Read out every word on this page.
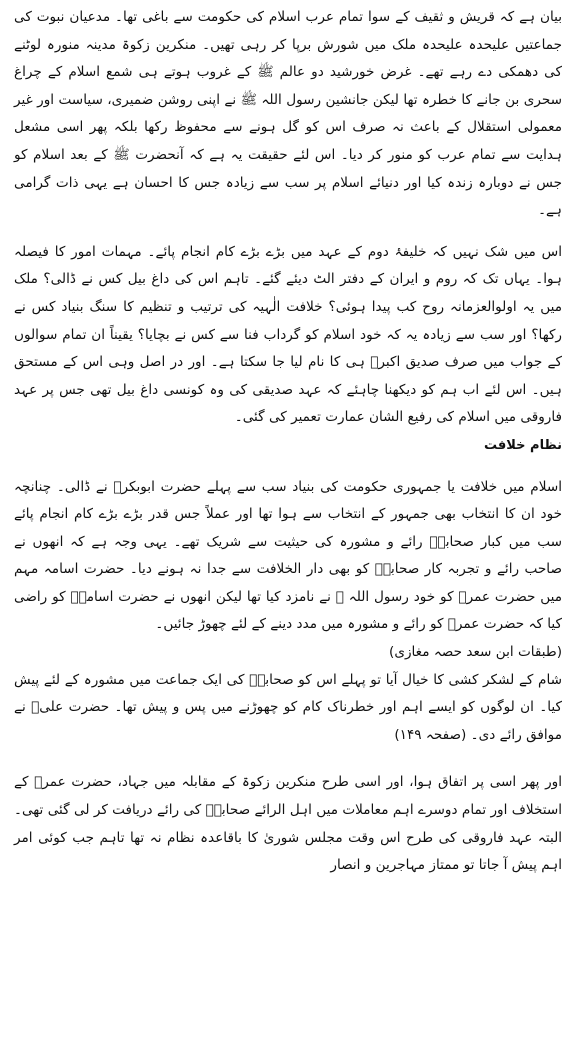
بیان ہے کہ قریش و ثقیف کے سوا تمام عرب اسلام کی حکومت سے باغی تھا۔ مدعیان نبوت کی جماعتیں علیحدہ علیحدہ ملک میں شورش برپا کر رہی تھیں۔ منکرین زکوۃ مدینہ منورہ لوٹنے کی دھمکی دے رہے تھے۔ غرض خورشید دو عالم ﷺ کے غروب ہوتے ہی شمع اسلام کے چراغ سحری بن جانے کا خطرہ تھا لیکن جانشین رسول اللہ ﷺ نے اپنی روشن ضمیری، سیاست اور غیر معمولی استقلال کے باعث نہ صرف اس کو گل ہونے سے محفوظ رکھا بلکہ پھر اسی مشعل ہدایت سے تمام عرب کو منور کر دیا۔ اس لئے حقیقت یہ ہے کہ آنحضرت ﷺ کے بعد اسلام کو جس نے دوبارہ زندہ کیا اور دنیائے اسلام پر سب سے زیادہ جس کا احسان ہے یہی ذات گرامی ہے۔

اس میں شک نہیں کہ خلیفۂ دوم کے عہد میں بڑے بڑے کام انجام پائے۔ مہمات امور کا فیصلہ ہوا۔ یہاں تک کہ روم و ایران کے دفتر الٹ دیئے گئے۔ تاہم اس کی داغ بیل کس نے ڈالی؟ ملک میں یہ اولوالعزمانہ روح کب پیدا ہوئی؟ خلافت الٰہیہ کی ترتیب و تنظیم کا سنگ بنیاد کس نے رکھا؟ اور سب سے زیادہ یہ کہ خود اسلام کو گرداب فنا سے کس نے بچایا؟ یقیناً ان تمام سوالوں کے جواب میں صرف صدیق اکبرؓ ہی کا نام لیا جا سکتا ہے۔ اور در اصل وہی اس کے مستحق ہیں۔ اس لئے اب ہم کو دیکھنا چاہئے کہ عہد صدیقی کی وہ کونسی داغ بیل تھی جس پر عہد فاروقی میں اسلام کی رفیع الشان عمارت تعمیر کی گئی۔

نظام خلافت

اسلام میں خلافت یا جمہوری حکومت کی بنیاد سب سے پہلے حضرت ابوبکرؓ نے ڈالی۔ چنانچہ خود ان کا انتخاب بھی جمہور کے انتخاب سے ہوا تھا اور عملاً جس قدر بڑے بڑے کام انجام پائے سب میں کبار صحابہؓ رائے و مشورہ کی حیثیت سے شریک تھے۔ یہی وجہ ہے کہ انھوں نے صاحب رائے و تجربہ کار صحابہؓ کو بھی دار الخلافت سے جدا نہ ہونے دیا۔ حضرت اسامہ مہم میں حضرت عمرؓ کو خود رسول اللہ ﷺ نے نامزد کیا تھا لیکن انھوں نے حضرت اسامہؓ کو راضی کیا کہ حضرت عمرؓ کو رائے و مشورہ میں مدد دینے کے لئے چھوڑ جائیں۔

(طبقات ابن سعد حصہ مغازی)

شام کے لشکر کشی کا خیال آیا تو پہلے اس کو صحابہؓ کی ایک جماعت میں مشورہ کے لئے پیش کیا۔ ان لوگوں کو ایسے اہم اور خطرناک کام کو چھوڑنے میں پس و پیش تھا۔ حضرت علیؓ نے موافق رائے دی۔ (صفحہ ۱۴۹)

اور پھر اسی پر اتفاق ہوا، اور اسی طرح منکرین زکوۃ کے مقابلہ میں جہاد، حضرت عمرؓ کے استخلاف اور تمام دوسرے اہم معاملات میں اہل الرائے صحابہؓ کی رائے دریافت کر لی گئی تھی۔ البتہ عہد فاروقی کی طرح اس وقت مجلس شوریٰ کا باقاعدہ نظام نہ تھا تاہم جب کوئی امر اہم پیش آ جاتا تو ممتاز مہاجرین و انصار
